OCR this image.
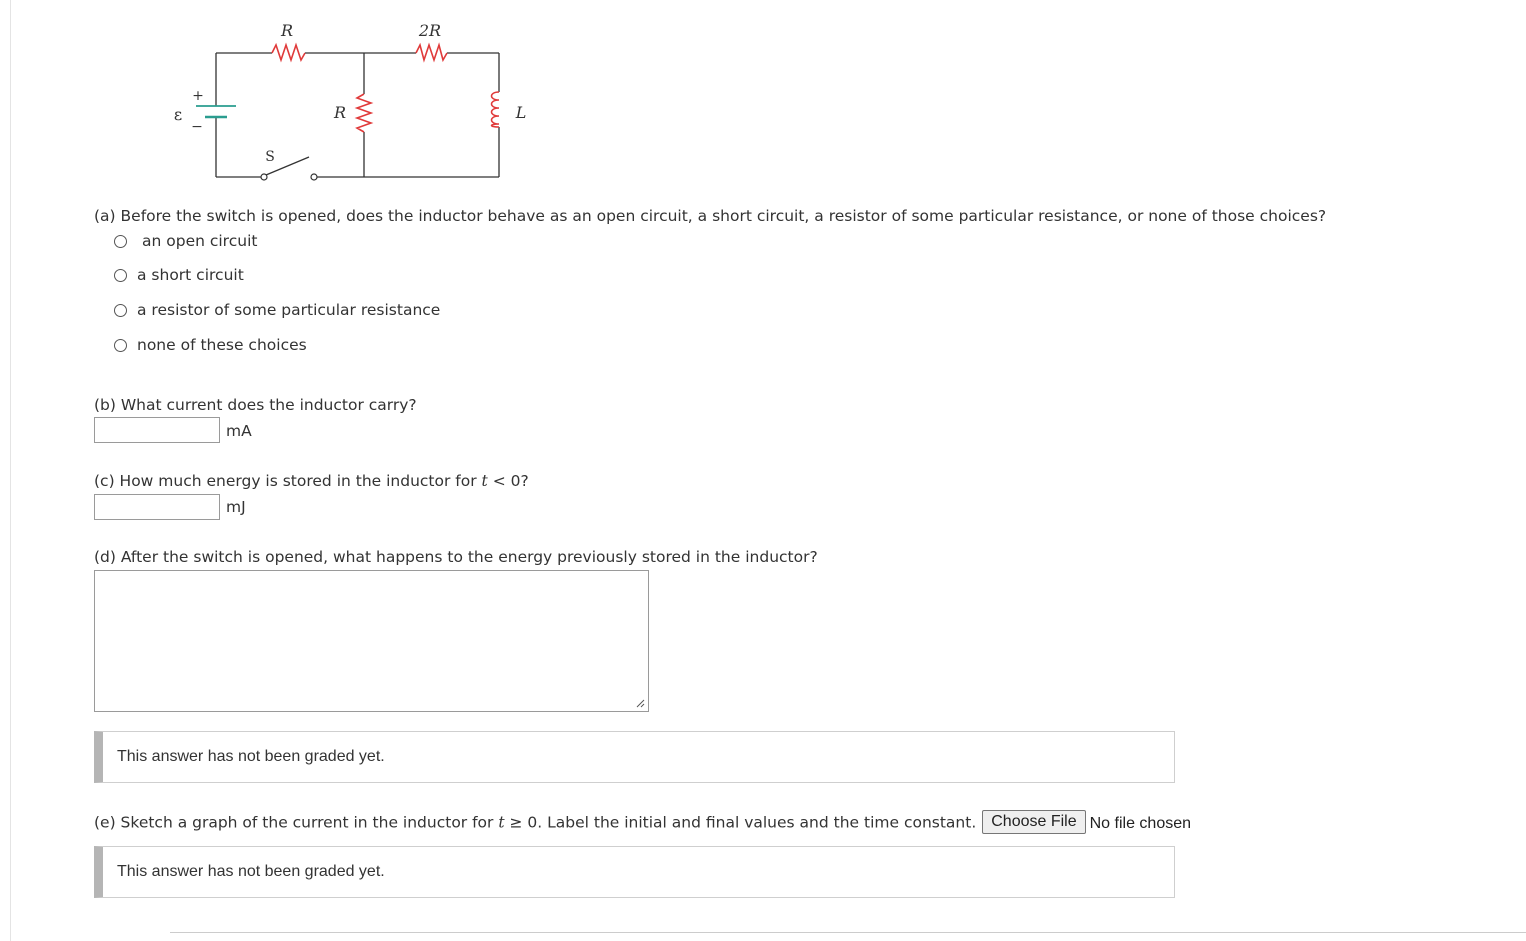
R	2R
R	L
ε
+
−
S
(a) Before the switch is opened, does the inductor behave as an open circuit, a short circuit, a resistor of some particular resistance, or none of those choices?
an open circuit
a short circuit
a resistor of some particular resistance
none of these choices
(b) What current does the inductor carry?
mA
(c) How much energy is stored in the inductor for t < 0?
mJ
(d) After the switch is opened, what happens to the energy previously stored in the inductor?
This answer has not been graded yet.
(e) Sketch a graph of the current in the inductor for t ≥ 0. Label the initial and final values and the time constant. Choose File No file chosen
This answer has not been graded yet.
